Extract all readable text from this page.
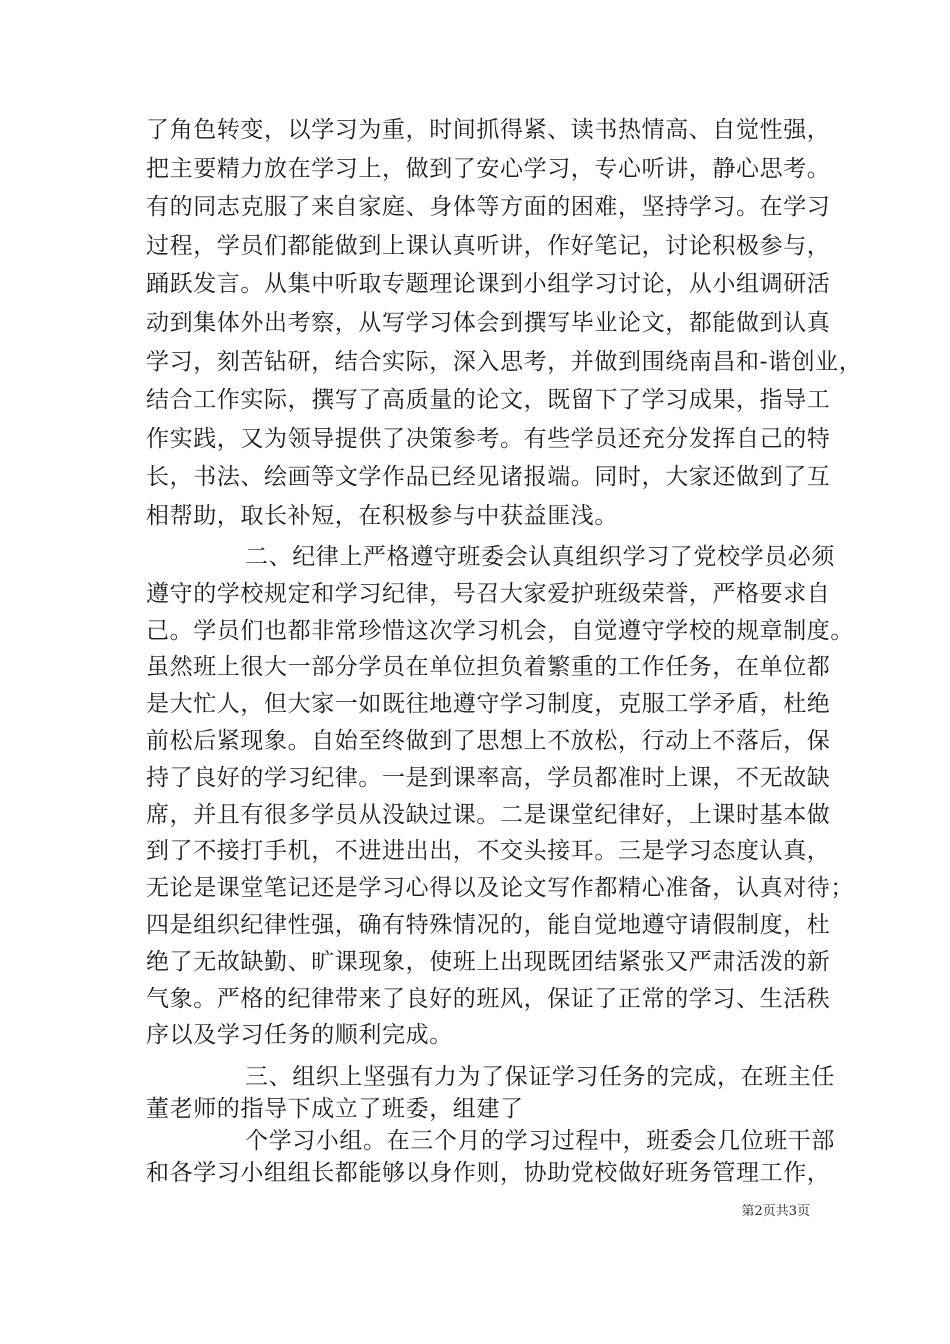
了角色转变，以学习为重，时间抓得紧、读书热情高、自觉性强，
把主要精力放在学习上，做到了安心学习，专心听讲，静心思考。
有的同志克服了来自家庭、身体等方面的困难，坚持学习。在学习
过程，学员们都能做到上课认真听讲，作好笔记，讨论积极参与，
踊跃发言。从集中听取专题理论课到小组学习讨论，从小组调研活
动到集体外出考察，从写学习体会到撰写毕业论文，都能做到认真
学习，刻苦钻研，结合实际，深入思考，并做到围绕南昌和-谐创业，
结合工作实际，撰写了高质量的论文，既留下了学习成果，指导工
作实践，又为领导提供了决策参考。有些学员还充分发挥自己的特
长，书法、绘画等文学作品已经见诸报端。同时，大家还做到了互
相帮助，取长补短，在积极参与中获益匪浅。
二、纪律上严格遵守班委会认真组织学习了党校学员必须
遵守的学校规定和学习纪律，号召大家爱护班级荣誉，严格要求自
己。学员们也都非常珍惜这次学习机会，自觉遵守学校的规章制度。
虽然班上很大一部分学员在单位担负着繁重的工作任务，在单位都
是大忙人，但大家一如既往地遵守学习制度，克服工学矛盾，杜绝
前松后紧现象。自始至终做到了思想上不放松，行动上不落后，保
持了良好的学习纪律。一是到课率高，学员都准时上课，不无故缺
席，并且有很多学员从没缺过课。二是课堂纪律好，上课时基本做
到了不接打手机，不进进出出，不交头接耳。三是学习态度认真，
无论是课堂笔记还是学习心得以及论文写作都精心准备，认真对待；
四是组织纪律性强，确有特殊情况的，能自觉地遵守请假制度，杜
绝了无故缺勤、旷课现象，使班上出现既团结紧张又严肃活泼的新
气象。严格的纪律带来了良好的班风，保证了正常的学习、生活秩
序以及学习任务的顺利完成。
三、组织上坚强有力为了保证学习任务的完成，在班主任
董老师的指导下成立了班委，组建了
个学习小组。在三个月的学习过程中，班委会几位班干部
和各学习小组组长都能够以身作则，协助党校做好班务管理工作，
第2页共3页
